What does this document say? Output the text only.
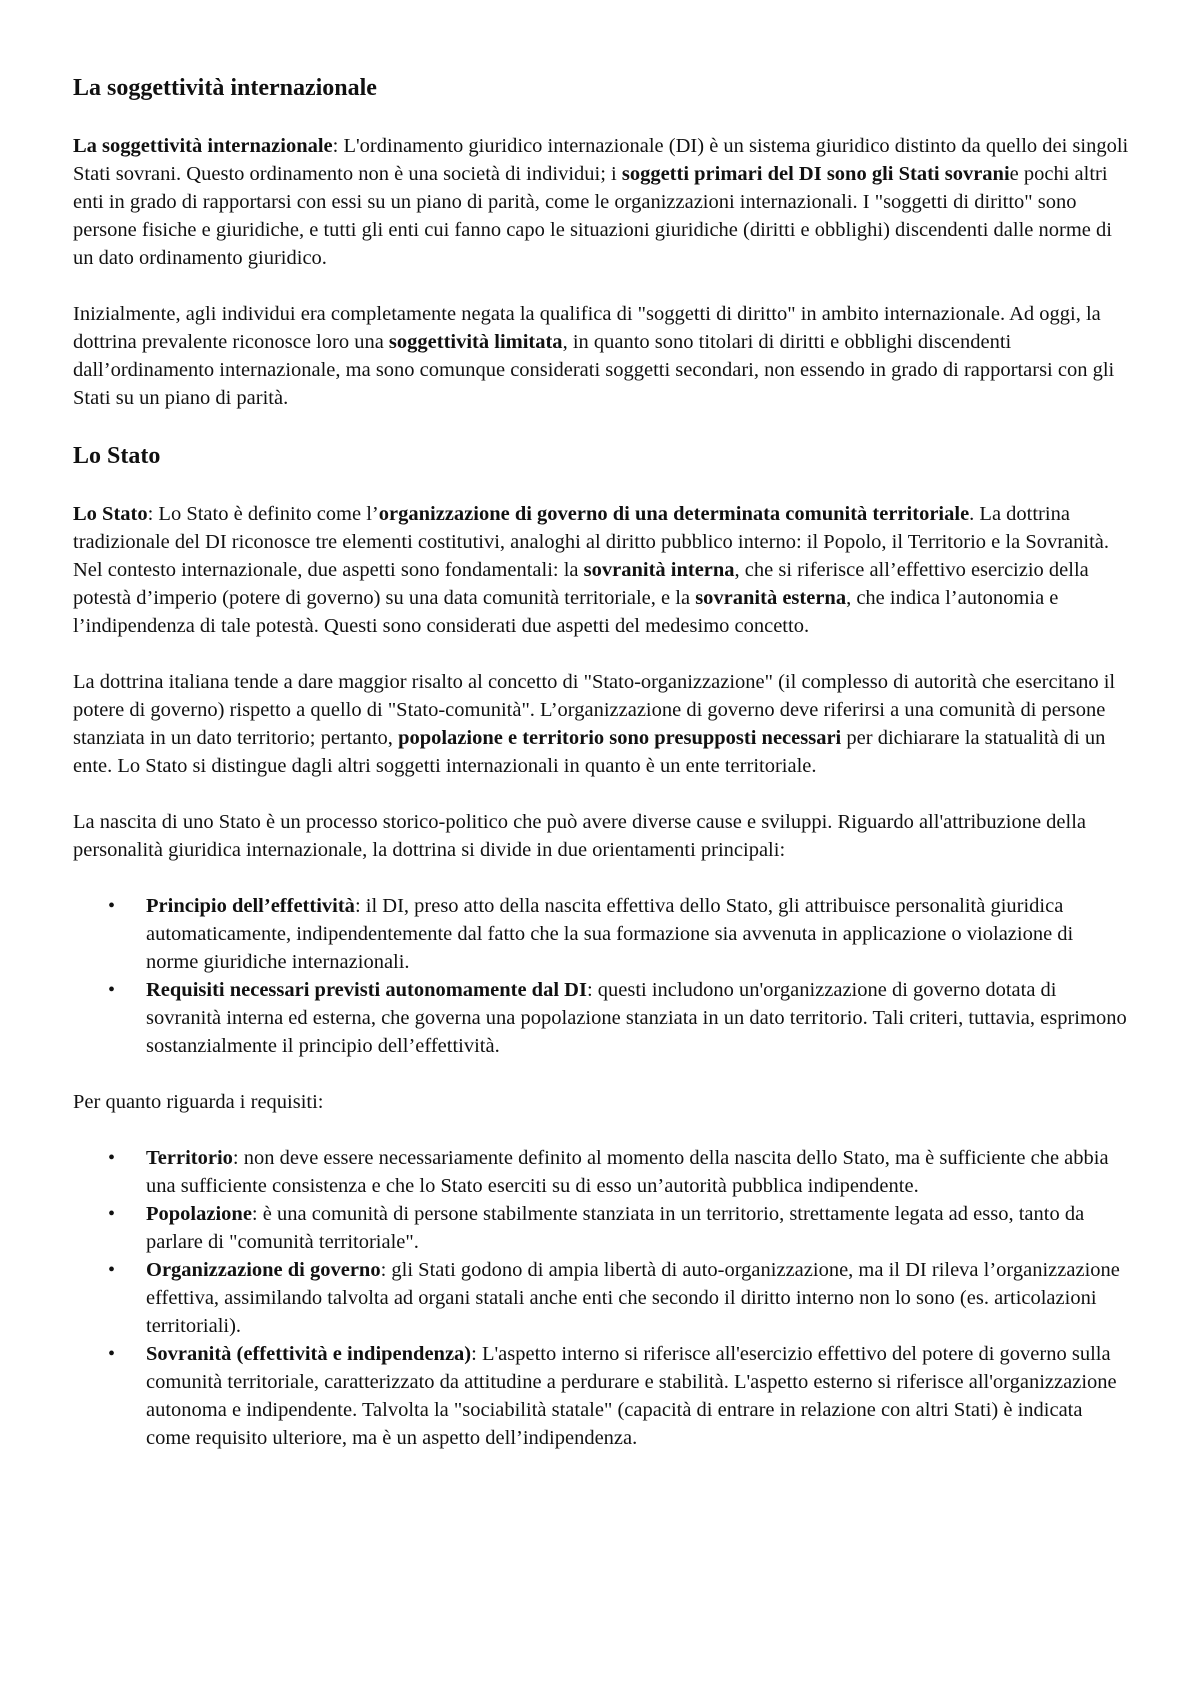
La soggettività internazionale

La soggettività internazionale: L'ordinamento giuridico internazionale (DI) è un sistema giuridico distinto da quello dei singoli Stati sovrani. Questo ordinamento non è una società di individui; i soggetti primari del DI sono gli Stati sovranie pochi altri enti in grado di rapportarsi con essi su un piano di parità, come le organizzazioni internazionali. I "soggetti di diritto" sono persone fisiche e giuridiche, e tutti gli enti cui fanno capo le situazioni giuridiche (diritti e obblighi) discendenti dalle norme di un dato ordinamento giuridico.

Inizialmente, agli individui era completamente negata la qualifica di "soggetti di diritto" in ambito internazionale. Ad oggi, la dottrina prevalente riconosce loro una soggettività limitata, in quanto sono titolari di diritti e obblighi discendenti dall’ordinamento internazionale, ma sono comunque considerati soggetti secondari, non essendo in grado di rapportarsi con gli Stati su un piano di parità.

Lo Stato

Lo Stato: Lo Stato è definito come l’organizzazione di governo di una determinata comunità territoriale. La dottrina tradizionale del DI riconosce tre elementi costitutivi, analoghi al diritto pubblico interno: il Popolo, il Territorio e la Sovranità. Nel contesto internazionale, due aspetti sono fondamentali: la sovranità interna, che si riferisce all’effettivo esercizio della potestà d’imperio (potere di governo) su una data comunità territoriale, e la sovranità esterna, che indica l’autonomia e l’indipendenza di tale potestà. Questi sono considerati due aspetti del medesimo concetto.

La dottrina italiana tende a dare maggior risalto al concetto di "Stato-organizzazione" (il complesso di autorità che esercitano il potere di governo) rispetto a quello di "Stato-comunità". L’organizzazione di governo deve riferirsi a una comunità di persone stanziata in un dato territorio; pertanto, popolazione e territorio sono presupposti necessari per dichiarare la statualità di un ente. Lo Stato si distingue dagli altri soggetti internazionali in quanto è un ente territoriale.

La nascita di uno Stato è un processo storico-politico che può avere diverse cause e sviluppi. Riguardo all'attribuzione della personalità giuridica internazionale, la dottrina si divide in due orientamenti principali:

• Principio dell’effettività: il DI, preso atto della nascita effettiva dello Stato, gli attribuisce personalità giuridica automaticamente, indipendentemente dal fatto che la sua formazione sia avvenuta in applicazione o violazione di norme giuridiche internazionali.
• Requisiti necessari previsti autonomamente dal DI: questi includono un'organizzazione di governo dotata di sovranità interna ed esterna, che governa una popolazione stanziata in un dato territorio. Tali criteri, tuttavia, esprimono sostanzialmente il principio dell’effettività.

Per quanto riguarda i requisiti:

• Territorio: non deve essere necessariamente definito al momento della nascita dello Stato, ma è sufficiente che abbia una sufficiente consistenza e che lo Stato eserciti su di esso un’autorità pubblica indipendente.
• Popolazione: è una comunità di persone stabilmente stanziata in un territorio, strettamente legata ad esso, tanto da parlare di "comunità territoriale".
• Organizzazione di governo: gli Stati godono di ampia libertà di auto-organizzazione, ma il DI rileva l’organizzazione effettiva, assimilando talvolta ad organi statali anche enti che secondo il diritto interno non lo sono (es. articolazioni territoriali).
• Sovranità (effettività e indipendenza): L'aspetto interno si riferisce all'esercizio effettivo del potere di governo sulla comunità territoriale, caratterizzato da attitudine a perdurare e stabilità. L'aspetto esterno si riferisce all'organizzazione autonoma e indipendente. Talvolta la "sociabilità statale" (capacità di entrare in relazione con altri Stati) è indicata come requisito ulteriore, ma è un aspetto dell’indipendenza.
